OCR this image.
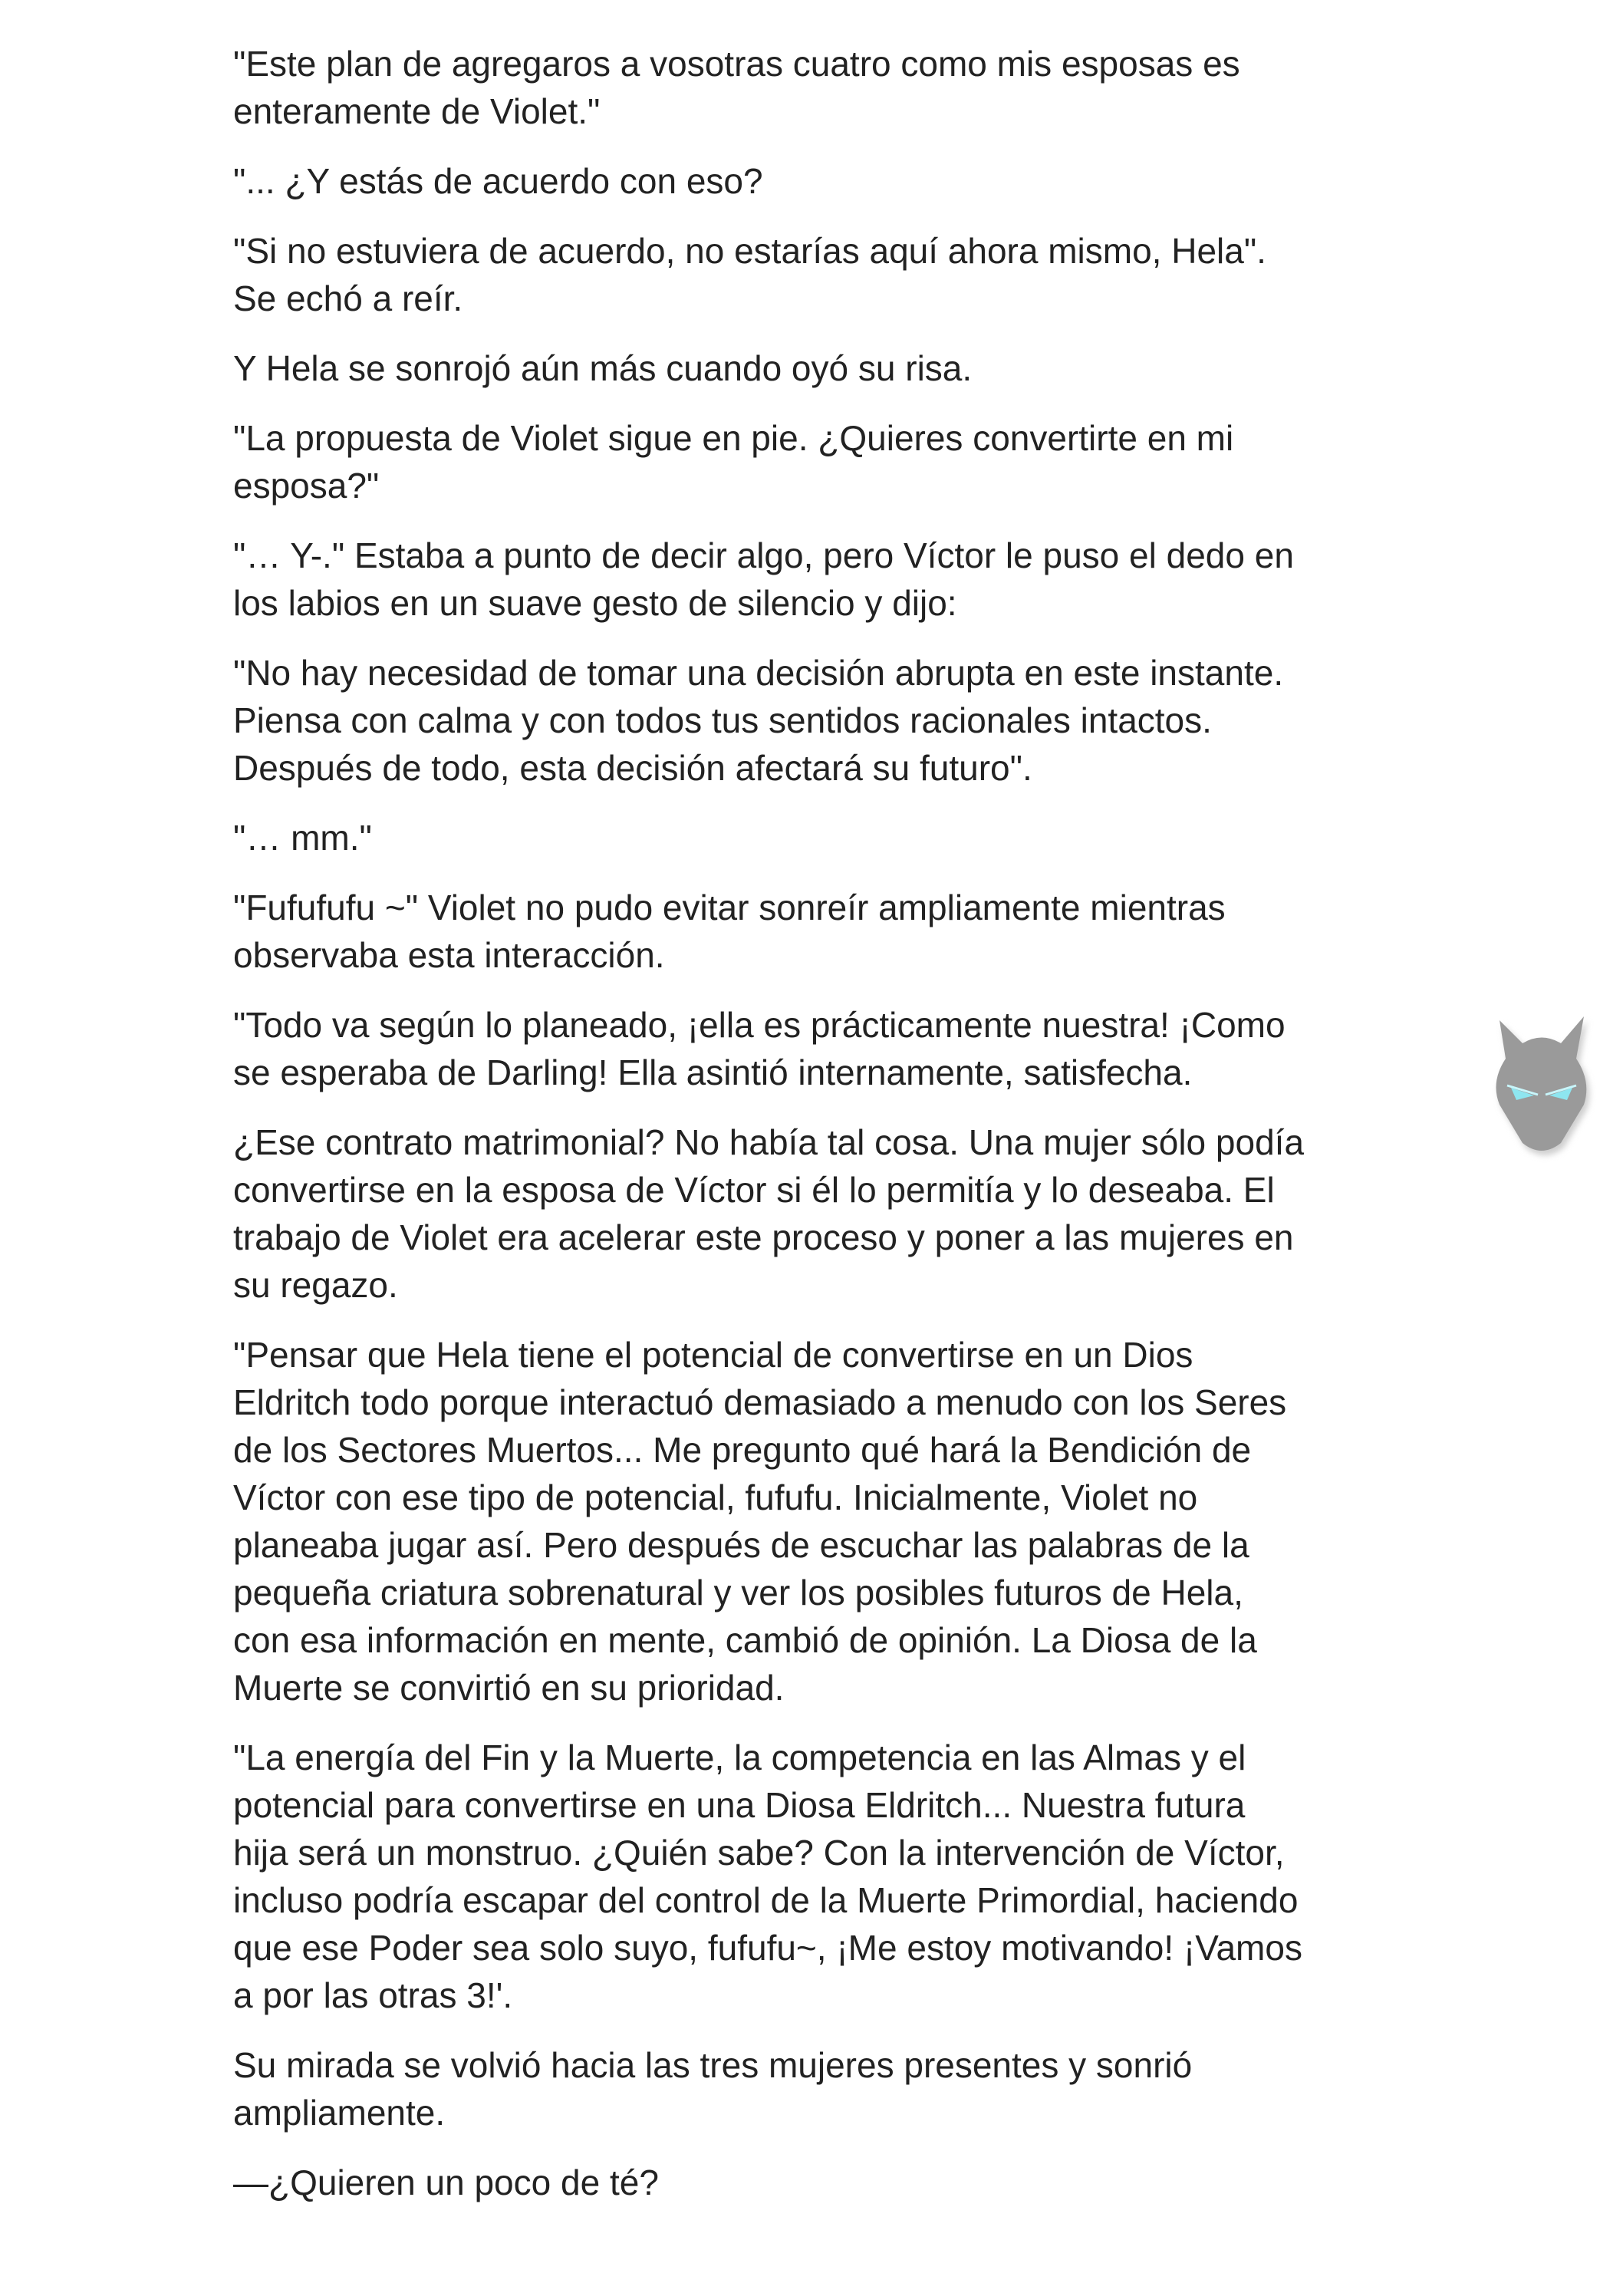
"Este plan de agregaros a vosotras cuatro como mis esposas es
enteramente de Violet."

"... ¿Y estás de acuerdo con eso?

"Si no estuviera de acuerdo, no estarías aquí ahora mismo, Hela".
Se echó a reír.

Y Hela se sonrojó aún más cuando oyó su risa.

"La propuesta de Violet sigue en pie. ¿Quieres convertirte en mi
esposa?"

"… Y-." Estaba a punto de decir algo, pero Víctor le puso el dedo en
los labios en un suave gesto de silencio y dijo:

"No hay necesidad de tomar una decisión abrupta en este instante.
Piensa con calma y con todos tus sentidos racionales intactos.
Después de todo, esta decisión afectará su futuro".

"… mm."

"Fufufufu ~" Violet no pudo evitar sonreír ampliamente mientras
observaba esta interacción.

"Todo va según lo planeado, ¡ella es prácticamente nuestra! ¡Como
se esperaba de Darling! Ella asintió internamente, satisfecha.

¿Ese contrato matrimonial? No había tal cosa. Una mujer sólo podía
convertirse en la esposa de Víctor si él lo permitía y lo deseaba. El
trabajo de Violet era acelerar este proceso y poner a las mujeres en
su regazo.

"Pensar que Hela tiene el potencial de convertirse en un Dios
Eldritch todo porque interactuó demasiado a menudo con los Seres
de los Sectores Muertos... Me pregunto qué hará la Bendición de
Víctor con ese tipo de potencial, fufufu. Inicialmente, Violet no
planeaba jugar así. Pero después de escuchar las palabras de la
pequeña criatura sobrenatural y ver los posibles futuros de Hela,
con esa información en mente, cambió de opinión. La Diosa de la
Muerte se convirtió en su prioridad.

"La energía del Fin y la Muerte, la competencia en las Almas y el
potencial para convertirse en una Diosa Eldritch... Nuestra futura
hija será un monstruo. ¿Quién sabe? Con la intervención de Víctor,
incluso podría escapar del control de la Muerte Primordial, haciendo
que ese Poder sea solo suyo, fufufu~, ¡Me estoy motivando! ¡Vamos
a por las otras 3!'.

Su mirada se volvió hacia las tres mujeres presentes y sonrió
ampliamente.

—¿Quieren un poco de té?
